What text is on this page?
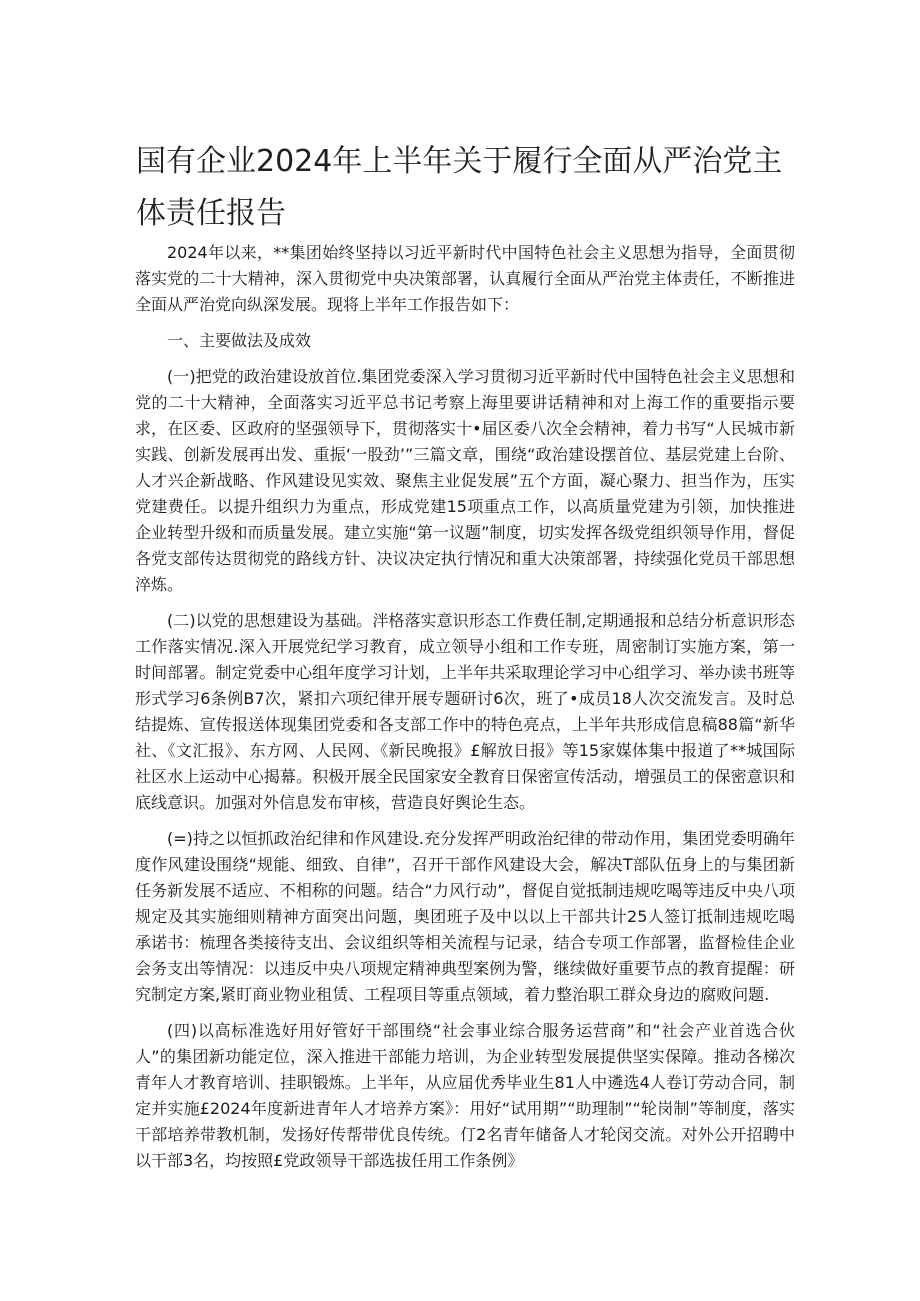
国有企业2024年上半年关于履行全面从严治党主体责任报告

2024年以来，**集团始终坚持以习近平新时代中国特色社会主义思想为指导，全面贯彻落实党的二十大精神，深入贯彻党中央决策部署，认真履行全面从严治党主体责任，不断推进全面从严治党向纵深发展。现将上半年工作报告如下：

一、主要做法及成效

(一)把党的政治建设放首位.集团党委深入学习贯彻习近平新时代中国特色社会主义思想和党的二十大精神，全面落实习近平总书记考察上海里要讲话精神和对上海工作的重要指示要求，在区委、区政府的坚强领导下，贯彻落实十•届区委八次全会精神，着力书写“人民城市新实践、创新发展再出发、重振‘一股劲’”三篇文章，围绕“政治建设摆首位、基层党建上台阶、人才兴企新战略、作风建设见实效、聚焦主业促发展”五个方面，凝心聚力、担当作为，压实党建费任。以提升组织力为重点，形成党建15项重点工作，以高质量党建为引领，加快推进企业转型升级和而质量发展。建立实施“第一议题”制度，切实发挥各级党组织领导作用，督促各党支部传达贯彻党的路线方针、决议决定执行情况和重大决策部署，持续强化党员干部思想淬炼。

(二)以党的思想建设为基础。泮格落实意识形态工作费任制,定期通报和总结分析意识形态工作落实情况.深入开展党纪学习教育，成立领导小组和工作专班，周密制订实施方案，第一时间部署。制定党委中心组年度学习计划，上半年共采取理论学习中心组学习、举办读书班等形式学习6条例B7次，紧扣六项纪律开展专题研讨6次，班了•成员18人次交流发言。及时总结提炼、宣传报送体现集团党委和各支部工作中的特色亮点，上半年共形成信息稿88篇“新华社、《文汇报》、东方网、人民网、《新民晚报》£解放日报》等15家媒体集中报道了**城国际社区水上运动中心揭幕。积极开展全民国家安全教育日保密宣传活动，增强员工的保密意识和底线意识。加强对外信息发布审核，营造良好舆论生态。

(=)持之以恒抓政治纪律和作风建设.充分发挥严明政治纪律的带动作用，集团党委明确年度作风建设围绕“规能、细致、自律”，召开干部作风建设大会，解决T部队伍身上的与集团新任务新发展不适应、不相称的问题。结合“力风行动”，督促自觉抵制违规吃喝等违反中央八项规定及其实施细则精神方面突出问题，奥团班子及中以以上干部共计25人签订抵制违规吃喝承诺书：梳理各类接待支出、会议组织等相关流程与记录，结合专项工作部署，监督检佳企业会务支出等情况：以违反中央八项规定精神典型案例为警，继续做好重要节点的教育提醒：研究制定方案,紧盯商业物业租赁、工程项目等重点领域，着力整治职工群众身边的腐败问题.

(四)以高标准选好用好管好干部围绕“社会事业综合服务运营商”和“社会产业首选合伙人”的集团新功能定位，深入推进干部能力培训，为企业转型发展提供坚实保障。推动各梯次青年人才教育培训、挂职锻炼。上半年，从应届优秀毕业生81人中遴选4人卷订劳动合同，制定并实施£2024年度新进青年人才培养方案》：用好“试用期”“助理制”“轮岗制”等制度，落实干部培养带教机制，发扬好传帮带优良传统。仃2名青年储备人才轮闵交流。对外公开招聘中以干部3名，均按照£党政领导干部选拔任用工作条例》
